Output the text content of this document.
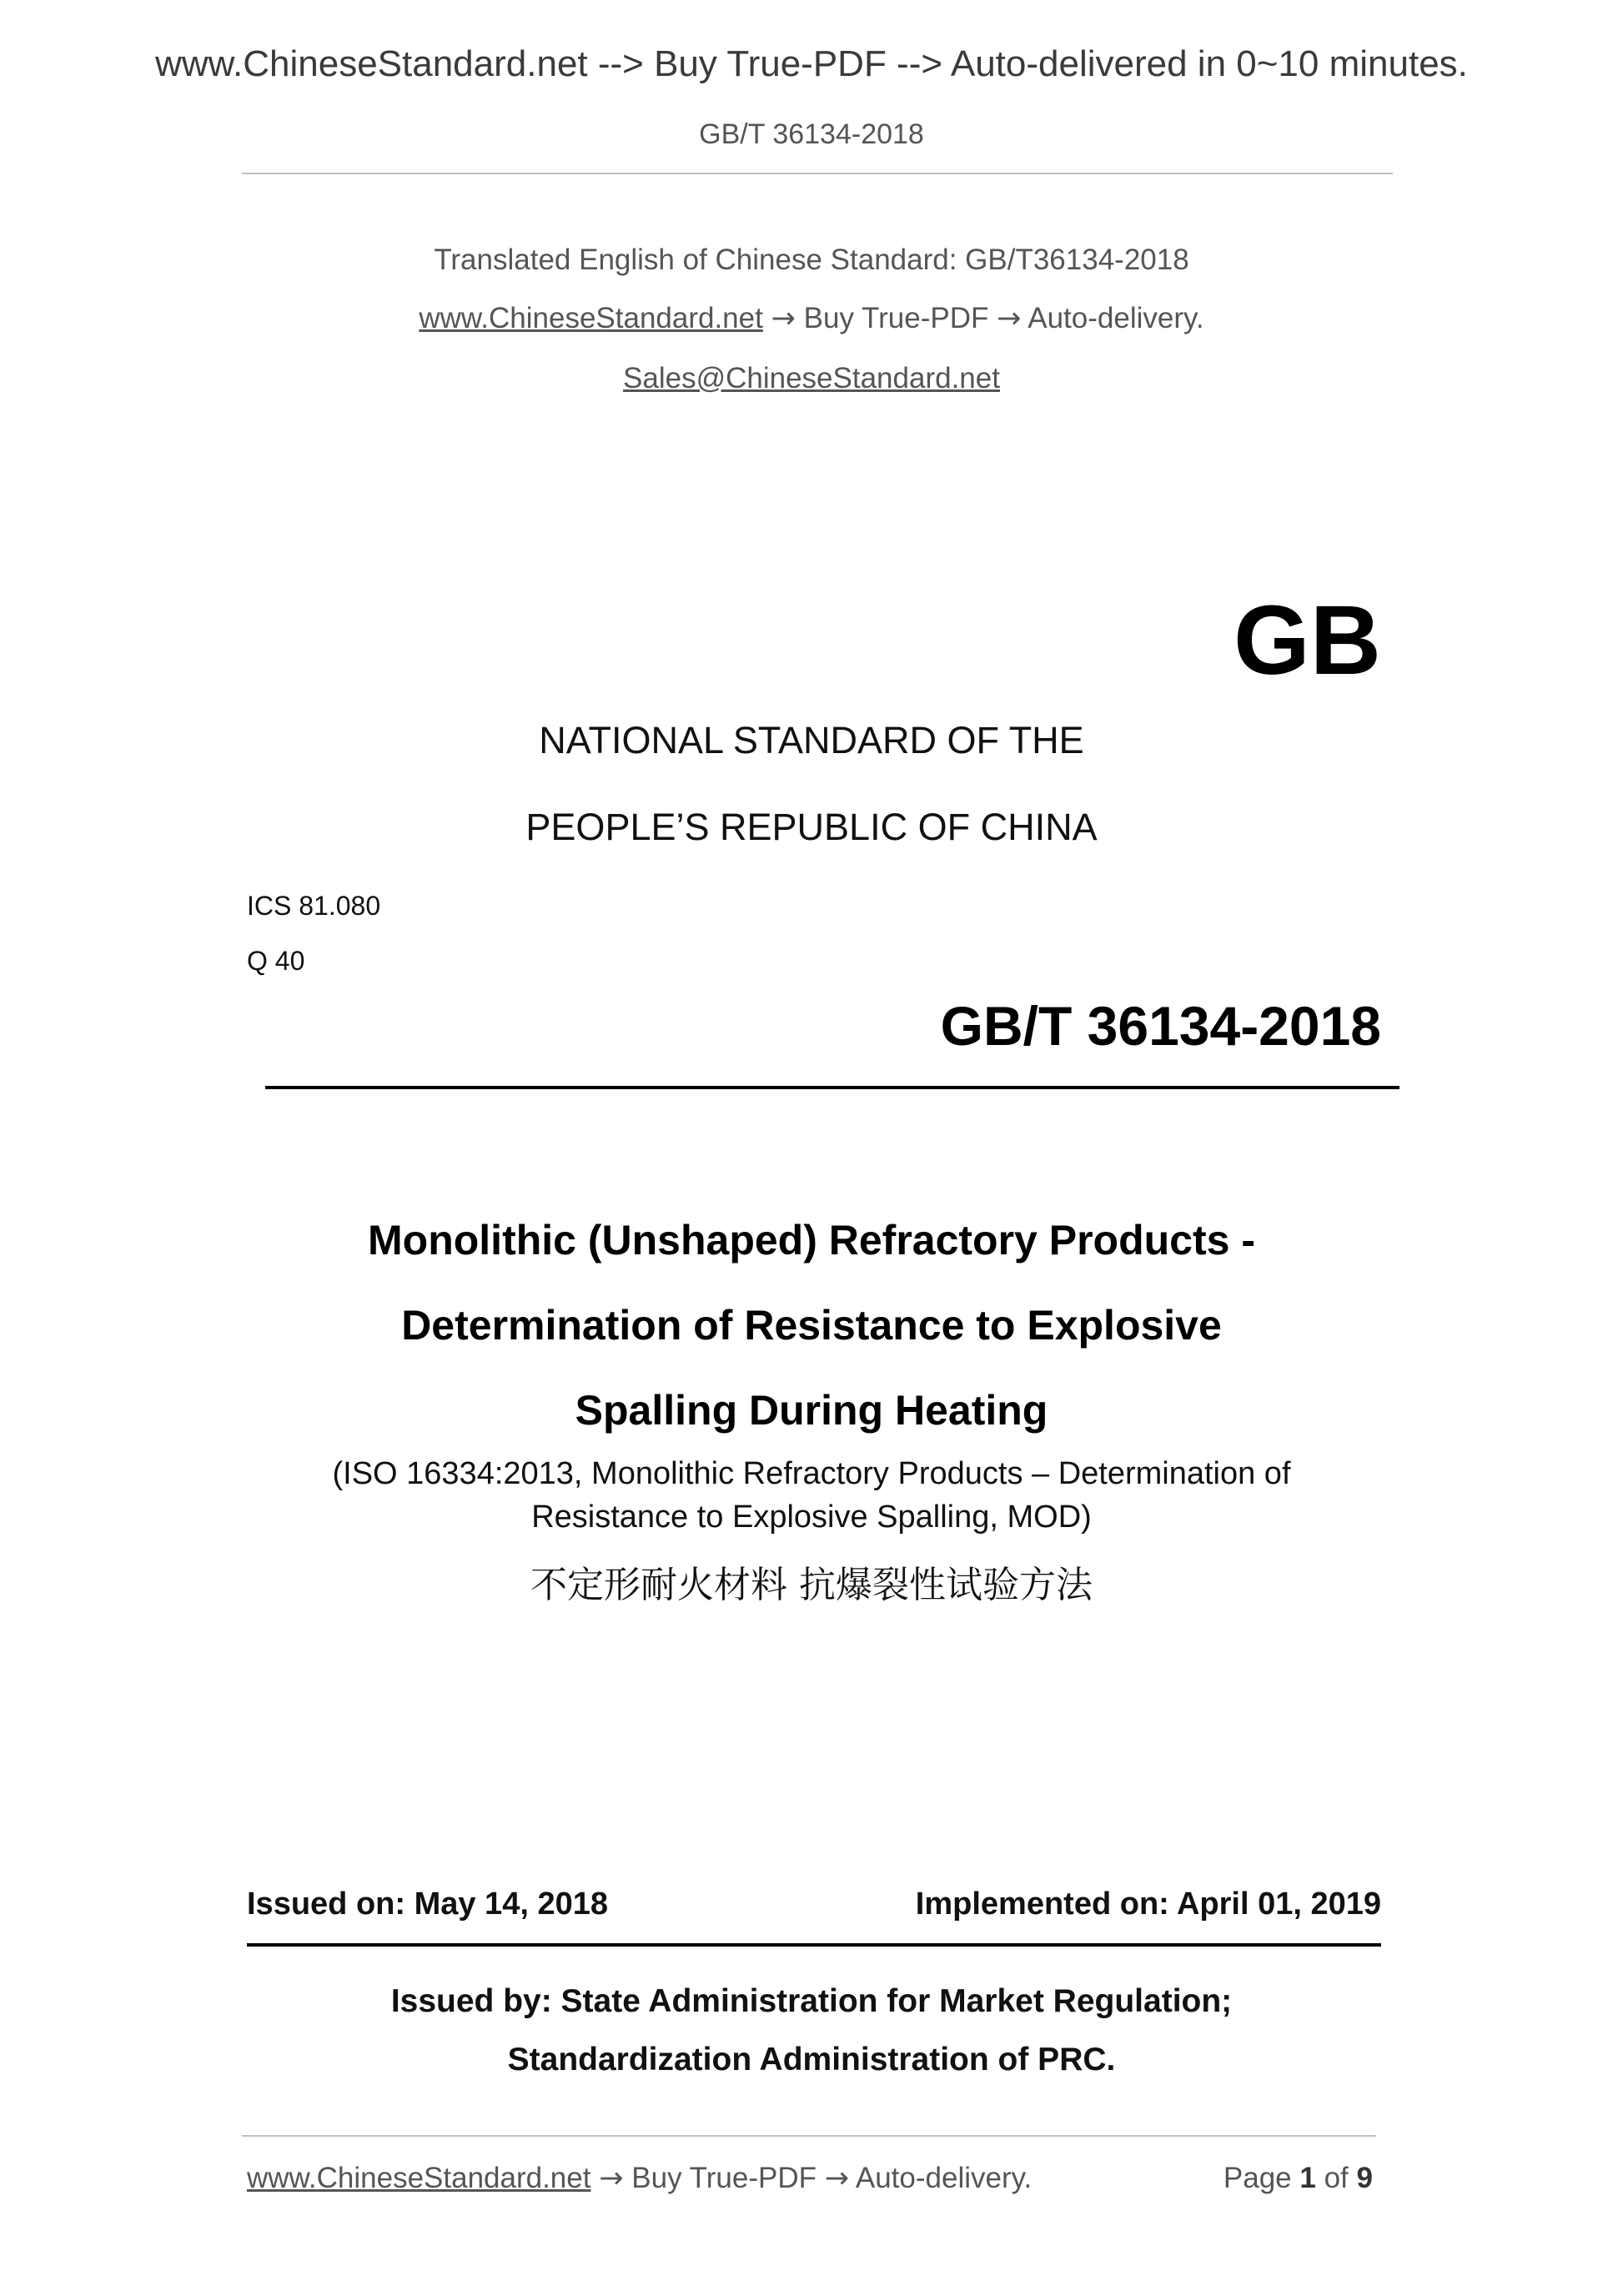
www.ChineseStandard.net --> Buy True-PDF --> Auto-delivered in 0~10 minutes.
GB/T 36134-2018
Translated English of Chinese Standard: GB/T36134-2018
www.ChineseStandard.net → Buy True-PDF → Auto-delivery.
Sales@ChineseStandard.net
GB
NATIONAL STANDARD OF THE
PEOPLE’S REPUBLIC OF CHINA
ICS 81.080
Q 40
GB/T 36134-2018
Monolithic (Unshaped) Refractory Products -
Determination of Resistance to Explosive
Spalling During Heating
(ISO 16334:2013, Monolithic Refractory Products – Determination of
Resistance to Explosive Spalling, MOD)
不定形耐火材料 抗爆裂性试验方法
Issued on: May 14, 2018	Implemented on: April 01, 2019
Issued by: State Administration for Market Regulation;
Standardization Administration of PRC.
www.ChineseStandard.net → Buy True-PDF → Auto-delivery.	Page 1 of 9
